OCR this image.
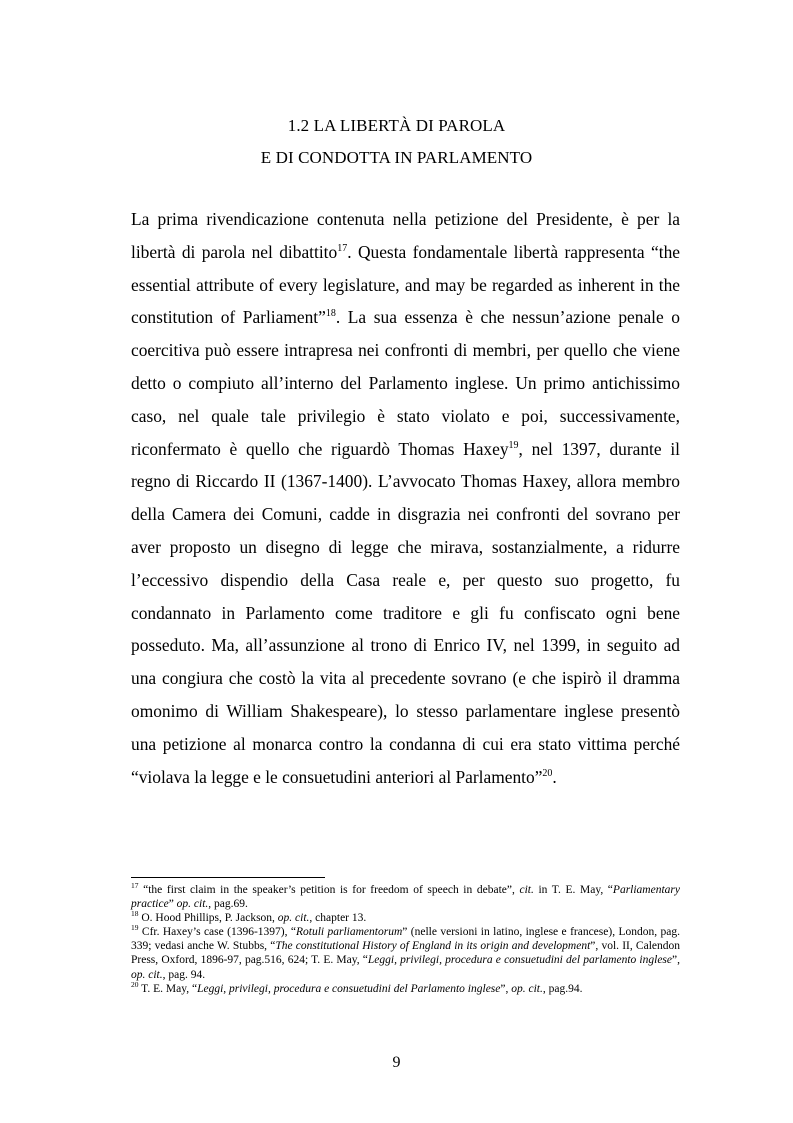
1.2 LA LIBERTÀ DI PAROLA
E DI CONDOTTA IN PARLAMENTO

La prima rivendicazione contenuta nella petizione del Presidente, è per la libertà di parola nel dibattito$^{17}$. Questa fondamentale libertà rappresenta “the essential attribute of every legislature, and may be regarded as inherent in the constitution of Parliament”$^{18}$. La sua essenza è che nessun’azione penale o coercitiva può essere intrapresa nei confronti di membri, per quello che viene detto o compiuto all’interno del Parlamento inglese. Un primo antichissimo caso, nel quale tale privilegio è stato violato e poi, successivamente, riconfermato è quello che riguardò Thomas Haxey$^{19}$, nel 1397, durante il regno di Riccardo II (1367-1400). L’avvocato Thomas Haxey, allora membro della Camera dei Comuni, cadde in disgrazia nei confronti del sovrano per aver proposto un disegno di legge che mirava, sostanzialmente, a ridurre l’eccessivo dispendio della Casa reale e, per questo suo progetto, fu condannato in Parlamento come traditore e gli fu confiscato ogni bene posseduto. Ma, all’assunzione al trono di Enrico IV, nel 1399, in seguito ad una congiura che costò la vita al precedente sovrano (e che ispirò il dramma omonimo di William Shakespeare), lo stesso parlamentare inglese presentò una petizione al monarca contro la condanna di cui era stato vittima perché “violava la legge e le consuetudini anteriori al Parlamento”$^{20}$.

$^{17}$ “the first claim in the speaker’s petition is for freedom of speech in debate”, cit. in T. E. May, “Parliamentary practice” op. cit., pag.69.

$^{18}$ O. Hood Phillips, P. Jackson, op. cit., chapter 13.

$^{19}$ Cfr. Haxey’s case (1396-1397), “Rotuli parliamentorum” (nelle versioni in latino, inglese e francese), London, pag. 339; vedasi anche W. Stubbs, “The constitutional History of England in its origin and development”, vol. II, Calendon Press, Oxford, 1896-97, pag.516, 624; T. E. May, “Leggi, privilegi, procedura e consuetudini del parlamento inglese”, op. cit., pag. 94.

$^{20}$ T. E. May, “Leggi, privilegi, procedura e consuetudini del Parlamento inglese”, op. cit., pag.94.

9
